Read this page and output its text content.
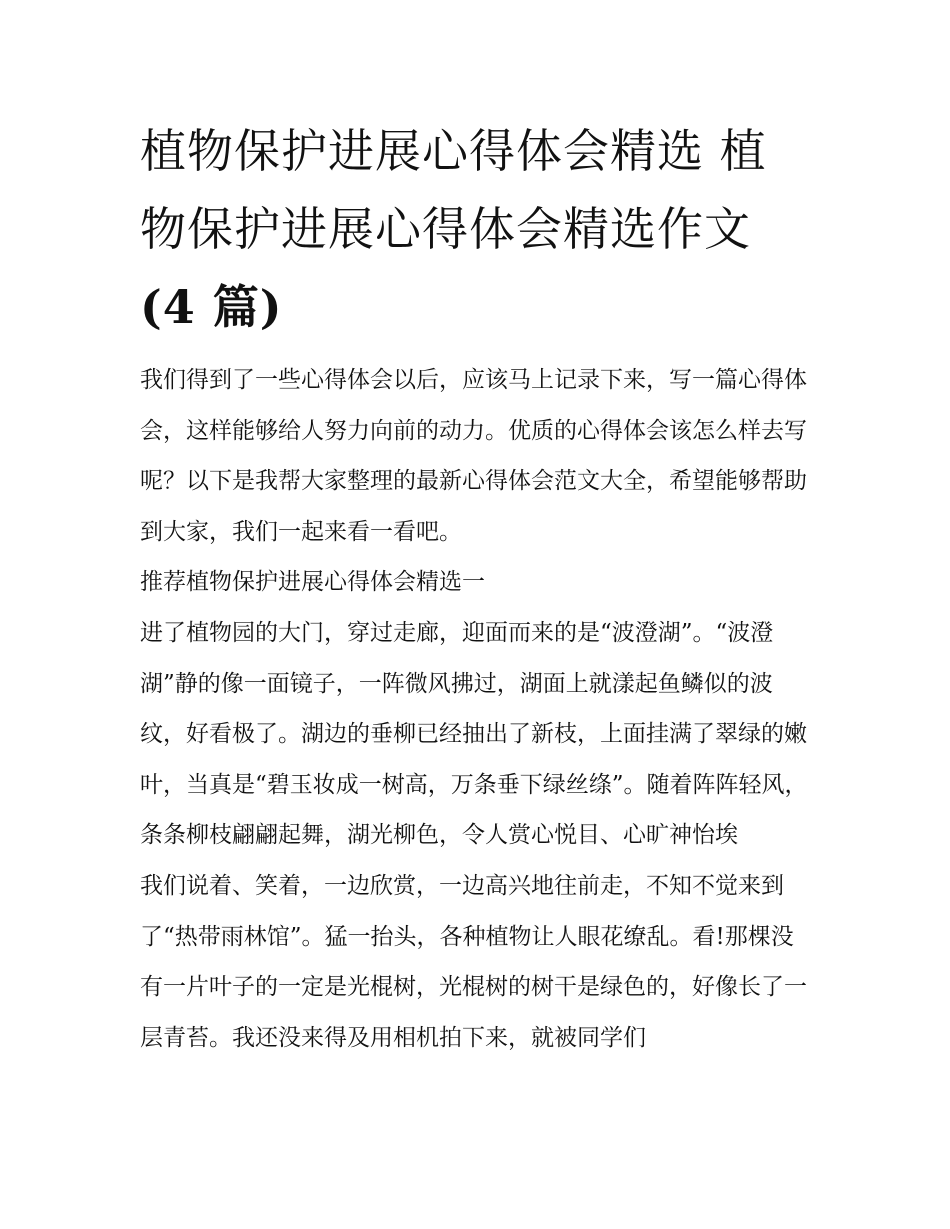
植物保护进展心得体会精选 植物保护进展心得体会精选作文
(4 篇)

我们得到了一些心得体会以后，应该马上记录下来，写一篇心得体会，这样能够给人努力向前的动力。优质的心得体会该怎么样去写呢？以下是我帮大家整理的最新心得体会范文大全，希望能够帮助到大家，我们一起来看一看吧。

推荐植物保护进展心得体会精选一

进了植物园的大门，穿过走廊，迎面而来的是“波澄湖”。“波澄湖”静的像一面镜子，一阵微风拂过，湖面上就漾起鱼鳞似的波纹，好看极了。湖边的垂柳已经抽出了新枝，上面挂满了翠绿的嫩叶，当真是“碧玉妆成一树高，万条垂下绿丝绦”。随着阵阵轻风，条条柳枝翩翩起舞，湖光柳色，令人赏心悦目、心旷神怡埃

我们说着、笑着，一边欣赏，一边高兴地往前走，不知不觉来到了“热带雨林馆”。猛一抬头，各种植物让人眼花缭乱。看!那棵没有一片叶子的一定是光棍树，光棍树的树干是绿色的，好像长了一层青苔。我还没来得及用相机拍下来，就被同学们
